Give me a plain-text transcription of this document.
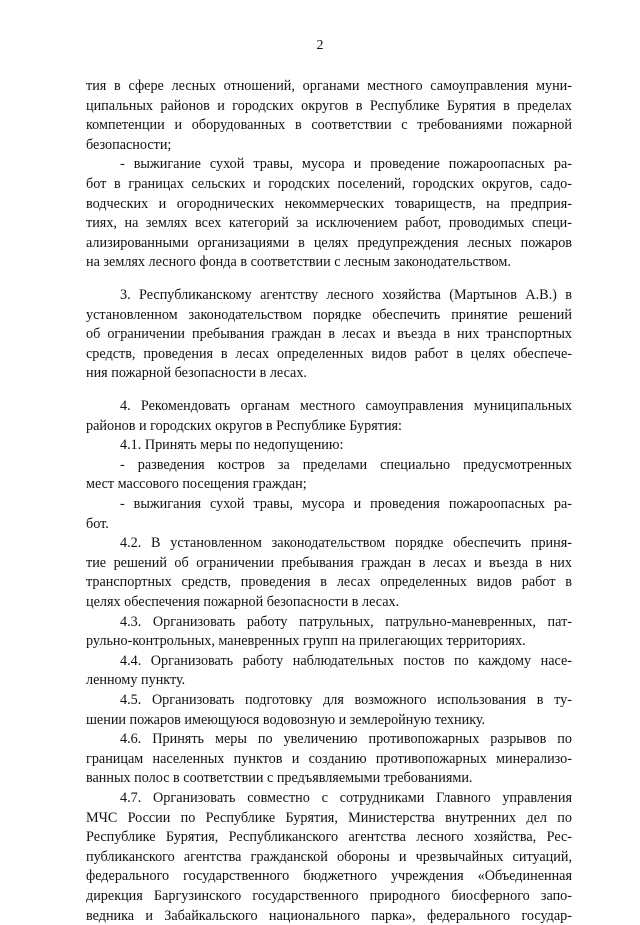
2
тия в сфере лесных отношений, органами местного самоуправления муни-
ципальных районов и городских округов в Республике Бурятия в пределах
компетенции и оборудованных в соответствии с требованиями пожарной
безопасности;
- выжигание сухой травы, мусора и проведение пожароопасных ра-
бот в границах сельских и городских поселений, городских округов, садо-
водческих и огороднических некоммерческих товариществ, на предприя-
тиях, на землях всех категорий за исключением работ, проводимых специ-
ализированными организациями в целях предупреждения лесных пожаров
на землях лесного фонда в соответствии с лесным законодательством.
3. Республиканскому агентству лесного хозяйства (Мартынов А.В.) в
установленном законодательством порядке обеспечить принятие решений
об ограничении пребывания граждан в лесах и въезда в них транспортных
средств, проведения в лесах определенных видов работ в целях обеспече-
ния пожарной безопасности в лесах.
4. Рекомендовать органам местного самоуправления муниципальных
районов и городских округов в Республике Бурятия:
4.1. Принять меры по недопущению:
- разведения костров за пределами специально предусмотренных
мест массового посещения граждан;
- выжигания сухой травы, мусора и проведения пожароопасных ра-
бот.
4.2. В установленном законодательством порядке обеспечить приня-
тие решений об ограничении пребывания граждан в лесах и въезда в них
транспортных средств, проведения в лесах определенных видов работ в
целях обеспечения пожарной безопасности в лесах.
4.3. Организовать работу патрульных, патрульно-маневренных, пат-
рульно-контрольных, маневренных групп на прилегающих территориях.
4.4. Организовать работу наблюдательных постов по каждому насе-
ленному пункту.
4.5. Организовать подготовку для возможного использования в ту-
шении пожаров имеющуюся водовозную и землеройную технику.
4.6. Принять меры по увеличению противопожарных разрывов по
границам населенных пунктов и созданию противопожарных минерализо-
ванных полос в соответствии с предъявляемыми требованиями.
4.7. Организовать совместно с сотрудниками Главного управления
МЧС России по Республике Бурятия, Министерства внутренних дел по
Республике Бурятия, Республиканского агентства лесного хозяйства, Рес-
публиканского агентства гражданской обороны и чрезвычайных ситуаций,
федерального государственного бюджетного учреждения «Объединенная
дирекция Баргузинского государственного природного биосферного запо-
ведника и Забайкальского национального парка», федерального государ-
